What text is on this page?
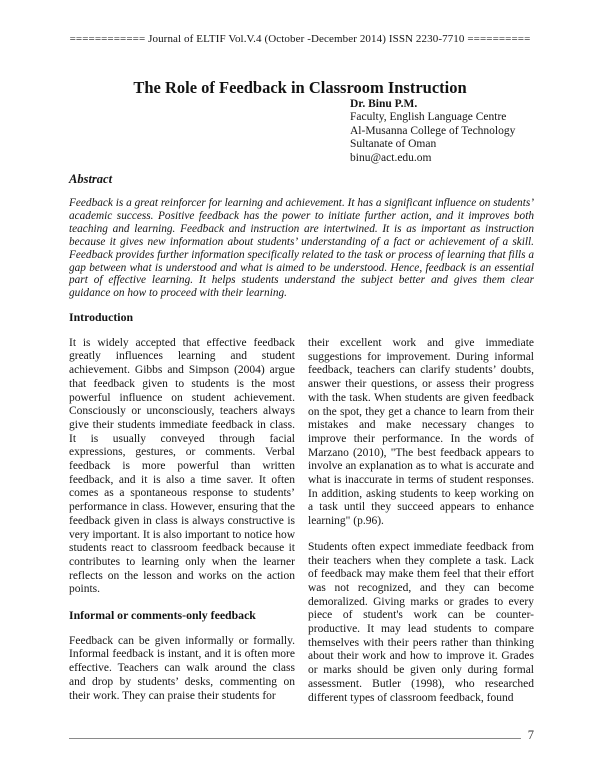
============ Journal of ELTIF Vol.V.4 (October -December 2014) ISSN 2230-7710 ==========
The Role of Feedback in Classroom Instruction
Dr. Binu P.M.
Faculty, English Language Centre
Al-Musanna College of Technology
Sultanate of Oman
binu@act.edu.om
Abstract
Feedback is a great reinforcer for learning and achievement. It has a significant influence on students’ academic success. Positive feedback has the power to initiate further action, and it improves both teaching and learning. Feedback and instruction are intertwined. It is as important as instruction because it gives new information about students’ understanding of a fact or achievement of a skill. Feedback provides further information specifically related to the task or process of learning that fills a gap between what is understood and what is aimed to be understood. Hence, feedback is an essential part of effective learning. It helps students understand the subject better and gives them clear guidance on how to proceed with their learning.
Introduction

It is widely accepted that effective feedback greatly influences learning and student achievement. Gibbs and Simpson (2004) argue that feedback given to students is the most powerful influence on student achievement. Consciously or unconsciously, teachers always give their students immediate feedback in class. It is usually conveyed through facial expressions, gestures, or comments. Verbal feedback is more powerful than written feedback, and it is also a time saver. It often comes as a spontaneous response to students’ performance in class. However, ensuring that the feedback given in class is always constructive is very important. It is also important to notice how students react to classroom feedback because it contributes to learning only when the learner reflects on the lesson and works on the action points.

Informal or comments-only feedback

Feedback can be given informally or formally. Informal feedback is instant, and it is often more effective. Teachers can walk around the class and drop by students’ desks, commenting on their work. They can praise their students for

their excellent work and give immediate suggestions for improvement. During informal feedback, teachers can clarify students’ doubts, answer their questions, or assess their progress with the task. When students are given feedback on the spot, they get a chance to learn from their mistakes and make necessary changes to improve their performance. In the words of Marzano (2010), "The best feedback appears to involve an explanation as to what is accurate and what is inaccurate in terms of student responses. In addition, asking students to keep working on a task until they succeed appears to enhance learning" (p.96).

Students often expect immediate feedback from their teachers when they complete a task. Lack of feedback may make them feel that their effort was not recognized, and they can become demoralized. Giving marks or grades to every piece of student's work can be counter-productive. It may lead students to compare themselves with their peers rather than thinking about their work and how to improve it. Grades or marks should be given only during formal assessment. Butler (1998), who researched different types of classroom feedback, found

7
